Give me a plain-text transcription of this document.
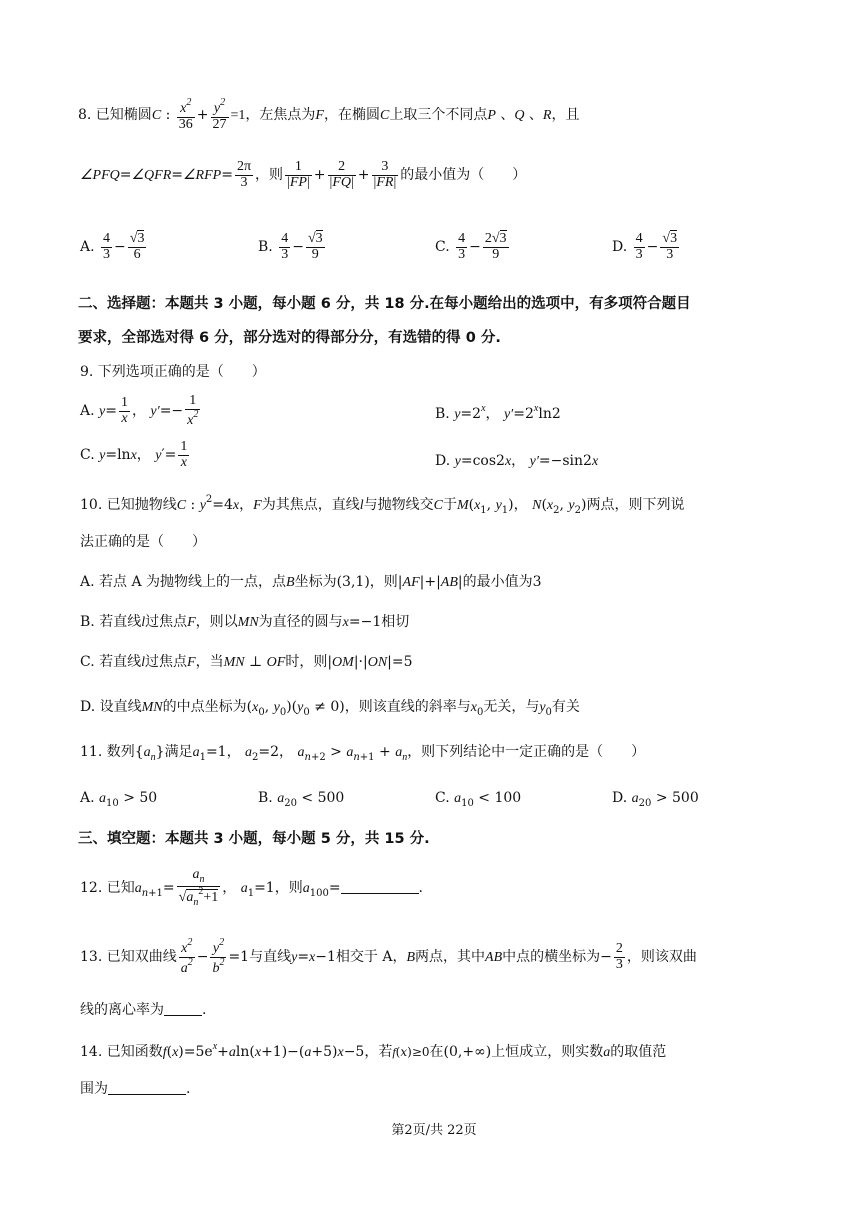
8. 已知椭圆C : $\frac{x^2}{36} + \frac{y^2}{27} =1$，左焦点为F，在椭圆C上取三个不同点P 、Q 、R，且
∠PFQ=∠QFR=∠RFP= $\frac{2\pi}{3}$ ，则 $\frac{1}{|FP|} + \frac{2}{|FQ|} + \frac{3}{|FR|}$ 的最小值为（　　）
A. $\frac{4}{3} - \frac{√3}{6}$	B. $\frac{4}{3} - \frac{√3}{9}$	C. $\frac{4}{3} - \frac{2√3}{9}$	D. $\frac{4}{3} - \frac{√3}{3}$
二、选择题：本题共 3 小题，每小题 6 分，共 18 分.在每小题给出的选项中，有多项符合题目
要求，全部选对得 6 分，部分选对的得部分分，有选错的得 0 分.
9. 下列选项正确的是（　　）
A. $y= \frac{1}{x}$ ， $y'=- \frac{1}{x^2}$	B. $y=2^x$， $y'=2^x\ln 2$
C. y=lnx， $y'= \frac{1}{x}$	D. y=cos2x， y′=−sin2x
10. 已知抛物线C : $y^2=4x$，F为其焦点，直线l与抛物线交C于$M(x_1$, $y_1$)， $N(x_2$, $y_2$)两点，则下列说
法正确的是（　　）
A. 若点 A 为抛物线上的一点，点B坐标为(3,1)，则|AF|+|AB|的最小值为3
B. 若直线l过焦点F，则以MN为直径的圆与x=−1相切
C. 若直线l过焦点F，当MN ⊥ OF时，则|OM|·|ON|=5
D. 设直线MN的中点坐标为($x_0$, $y_0)(y_0 \ne 0)$，则该直线的斜率与$x_0$无关，与$y_0$有关
11. 数列$\{a_n\}$满足$a_1=1$， $a_2=2$， $a_{n+2} > a_{n+1} + a_n$，则下列结论中一定正确的是（　　）
A. $a_{10} > 50$	B. $a_{20} < 500$	C. $a_{10} < 100$	D. $a_{20} > 500$
三、填空题：本题共 3 小题，每小题 5 分，共 15 分.
12. 已知$a_{n+1}= \frac{a_n}{√a_n^2+1}$ ， $a_1=1$，则$a_{100}=$	.
13. 已知双曲线 $\frac{x^2}{a^2} - \frac{y^2}{b^2} =1$与直线y=x−1相交于 A，B两点，其中AB中点的横坐标为− $\frac{2}{3}$ ，则该双曲
线的离心率为	.
14. 已知函数$f(x)=5e^x+aln(x+1)-(a+5)x-5$，若f(x)≥0在(0,+∞)上恒成立，则实数a的取值范
围为	.
第2页/共 22页
